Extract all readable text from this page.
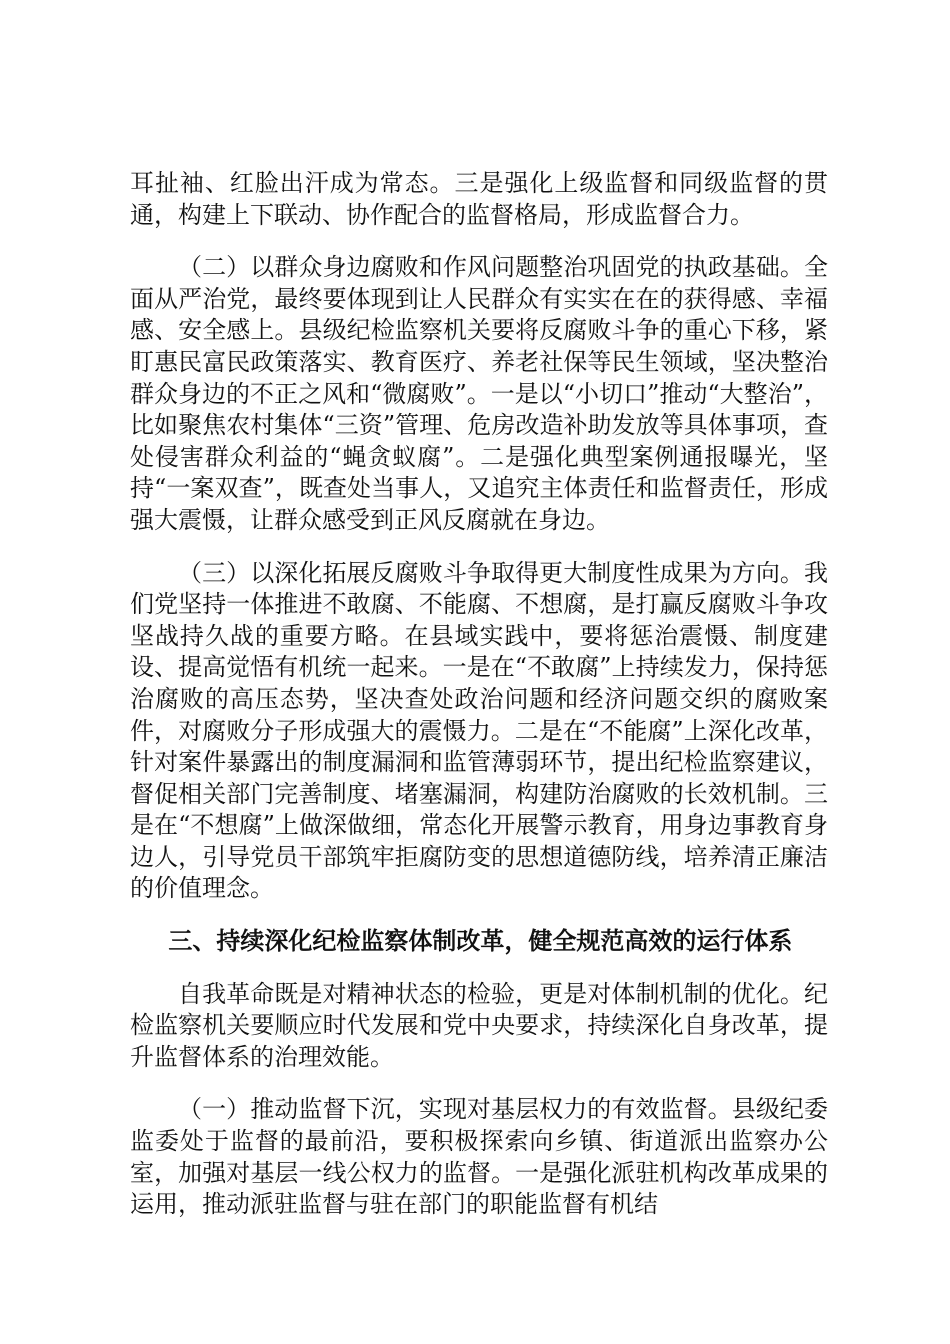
耳扯袖、红脸出汗成为常态。三是强化上级监督和同级监督的贯通，构建上下联动、协作配合的监督格局，形成监督合力。

（二）以群众身边腐败和作风问题整治巩固党的执政基础。全面从严治党，最终要体现到让人民群众有实实在在的获得感、幸福感、安全感上。县级纪检监察机关要将反腐败斗争的重心下移，紧盯惠民富民政策落实、教育医疗、养老社保等民生领域，坚决整治群众身边的不正之风和“微腐败”。一是以“小切口”推动“大整治”，比如聚焦农村集体“三资”管理、危房改造补助发放等具体事项，查处侵害群众利益的“蝇贪蚁腐”。二是强化典型案例通报曝光，坚持“一案双查”，既查处当事人，又追究主体责任和监督责任，形成强大震慑，让群众感受到正风反腐就在身边。

（三）以深化拓展反腐败斗争取得更大制度性成果为方向。我们党坚持一体推进不敢腐、不能腐、不想腐，是打赢反腐败斗争攻坚战持久战的重要方略。在县域实践中，要将惩治震慑、制度建设、提高觉悟有机统一起来。一是在“不敢腐”上持续发力，保持惩治腐败的高压态势，坚决查处政治问题和经济问题交织的腐败案件，对腐败分子形成强大的震慑力。二是在“不能腐”上深化改革，针对案件暴露出的制度漏洞和监管薄弱环节，提出纪检监察建议，督促相关部门完善制度、堵塞漏洞，构建防治腐败的长效机制。三是在“不想腐”上做深做细，常态化开展警示教育，用身边事教育身边人，引导党员干部筑牢拒腐防变的思想道德防线，培养清正廉洁的价值理念。

三、持续深化纪检监察体制改革，健全规范高效的运行体系

自我革命既是对精神状态的检验，更是对体制机制的优化。纪检监察机关要顺应时代发展和党中央要求，持续深化自身改革，提升监督体系的治理效能。

（一）推动监督下沉，实现对基层权力的有效监督。县级纪委监委处于监督的最前沿，要积极探索向乡镇、街道派出监察办公室，加强对基层一线公权力的监督。一是强化派驻机构改革成果的运用，推动派驻监督与驻在部门的职能监督有机结
